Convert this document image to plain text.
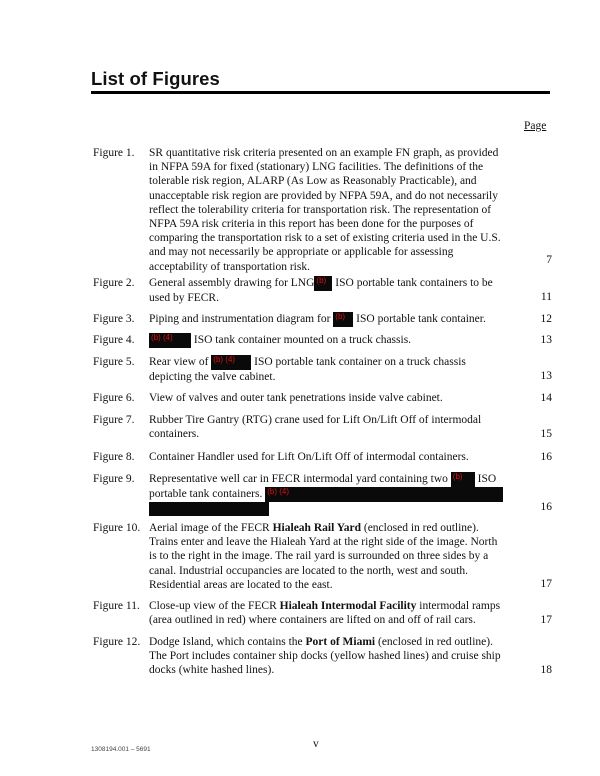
List of Figures
Page
Figure 1. SR quantitative risk criteria presented on an example FN graph, as provided
in NFPA 59A for fixed (stationary) LNG facilities. The definitions of the
tolerable risk region, ALARP (As Low as Reasonably Practicable), and
unacceptable risk region are provided by NFPA 59A, and do not necessarily
reflect the tolerability criteria for transportation risk. The representation of
NFPA 59A risk criteria in this report has been done for the purposes of
comparing the transportation risk to a set of existing criteria used in the U.S.
and may not necessarily be appropriate or applicable for assessing
acceptability of transportation risk.
7
Figure 2. General assembly drawing for LNG (b) ISO portable tank containers to be
used by FECR.	11
Figure 3. Piping and instrumentation diagram for (b) ISO portable tank container.	12
Figure 4. (b) (4) ISO tank container mounted on a truck chassis.	13
Figure 5. Rear view of (b) (4) ISO portable tank container on a truck chassis
depicting the valve cabinet.	13
Figure 6. View of valves and outer tank penetrations inside valve cabinet.	14
Figure 7. Rubber Tire Gantry (RTG) crane used for Lift On/Lift Off of intermodal
containers.	15
Figure 8. Container Handler used for Lift On/Lift Off of intermodal containers.	16
Figure 9. Representative well car in FECR intermodal yard containing two (b) ISO
portable tank containers. (b) (4)
16
Figure 10. Aerial image of the FECR Hialeah Rail Yard (enclosed in red outline).
Trains enter and leave the Hialeah Yard at the right side of the image. North
is to the right in the image. The rail yard is surrounded on three sides by a
canal. Industrial occupancies are located to the north, west and south.
Residential areas are located to the east.	17
Figure 11. Close-up view of the FECR Hialeah Intermodal Facility intermodal ramps
(area outlined in red) where containers are lifted on and off of rail cars.	17
Figure 12. Dodge Island, which contains the Port of Miami (enclosed in red outline).
The Port includes container ship docks (yellow hashed lines) and cruise ship
docks (white hashed lines).	18
1308194.001 – 5691	v
